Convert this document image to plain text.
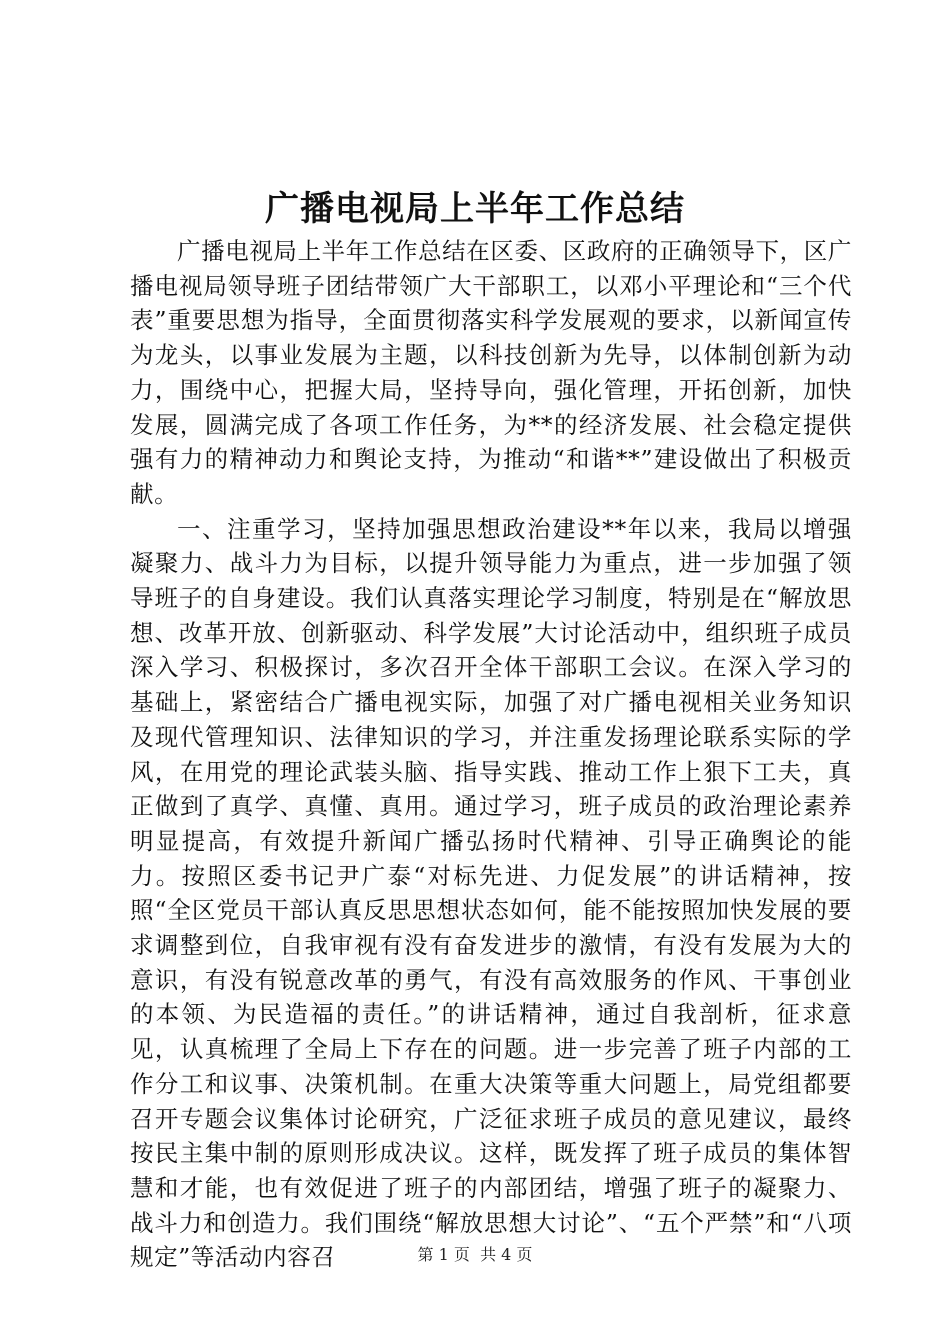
广播电视局上半年工作总结

广播电视局上半年工作总结在区委、区政府的正确领导下，区广播电视局领导班子团结带领广大干部职工，以邓小平理论和“三个代表”重要思想为指导，全面贯彻落实科学发展观的要求，以新闻宣传为龙头，以事业发展为主题，以科技创新为先导，以体制创新为动力，围绕中心，把握大局，坚持导向，强化管理，开拓创新，加快发展，圆满完成了各项工作任务，为**的经济发展、社会稳定提供强有力的精神动力和舆论支持，为推动“和谐**”建设做出了积极贡献。

一、注重学习，坚持加强思想政治建设**年以来，我局以增强凝聚力、战斗力为目标，以提升领导能力为重点，进一步加强了领导班子的自身建设。我们认真落实理论学习制度，特别是在“解放思想、改革开放、创新驱动、科学发展”大讨论活动中，组织班子成员深入学习、积极探讨，多次召开全体干部职工会议。在深入学习的基础上，紧密结合广播电视实际，加强了对广播电视相关业务知识及现代管理知识、法律知识的学习，并注重发扬理论联系实际的学风，在用党的理论武装头脑、指导实践、推动工作上狠下工夫，真正做到了真学、真懂、真用。通过学习，班子成员的政治理论素养明显提高，有效提升新闻广播弘扬时代精神、引导正确舆论的能力。按照区委书记尹广泰“对标先进、力促发展”的讲话精神，按照“全区党员干部认真反思思想状态如何，能不能按照加快发展的要求调整到位，自我审视有没有奋发进步的激情，有没有发展为大的意识，有没有锐意改革的勇气，有没有高效服务的作风、干事创业的本领、为民造福的责任。”的讲话精神，通过自我剖析，征求意见，认真梳理了全局上下存在的问题。进一步完善了班子内部的工作分工和议事、决策机制。在重大决策等重大问题上，局党组都要召开专题会议集体讨论研究，广泛征求班子成员的意见建议，最终按民主集中制的原则形成决议。这样，既发挥了班子成员的集体智慧和才能，也有效促进了班子的内部团结，增强了班子的凝聚力、战斗力和创造力。我们围绕“解放思想大讨论”、“五个严禁”和“八项规定”等活动内容召	第 1 页 共 4 页
